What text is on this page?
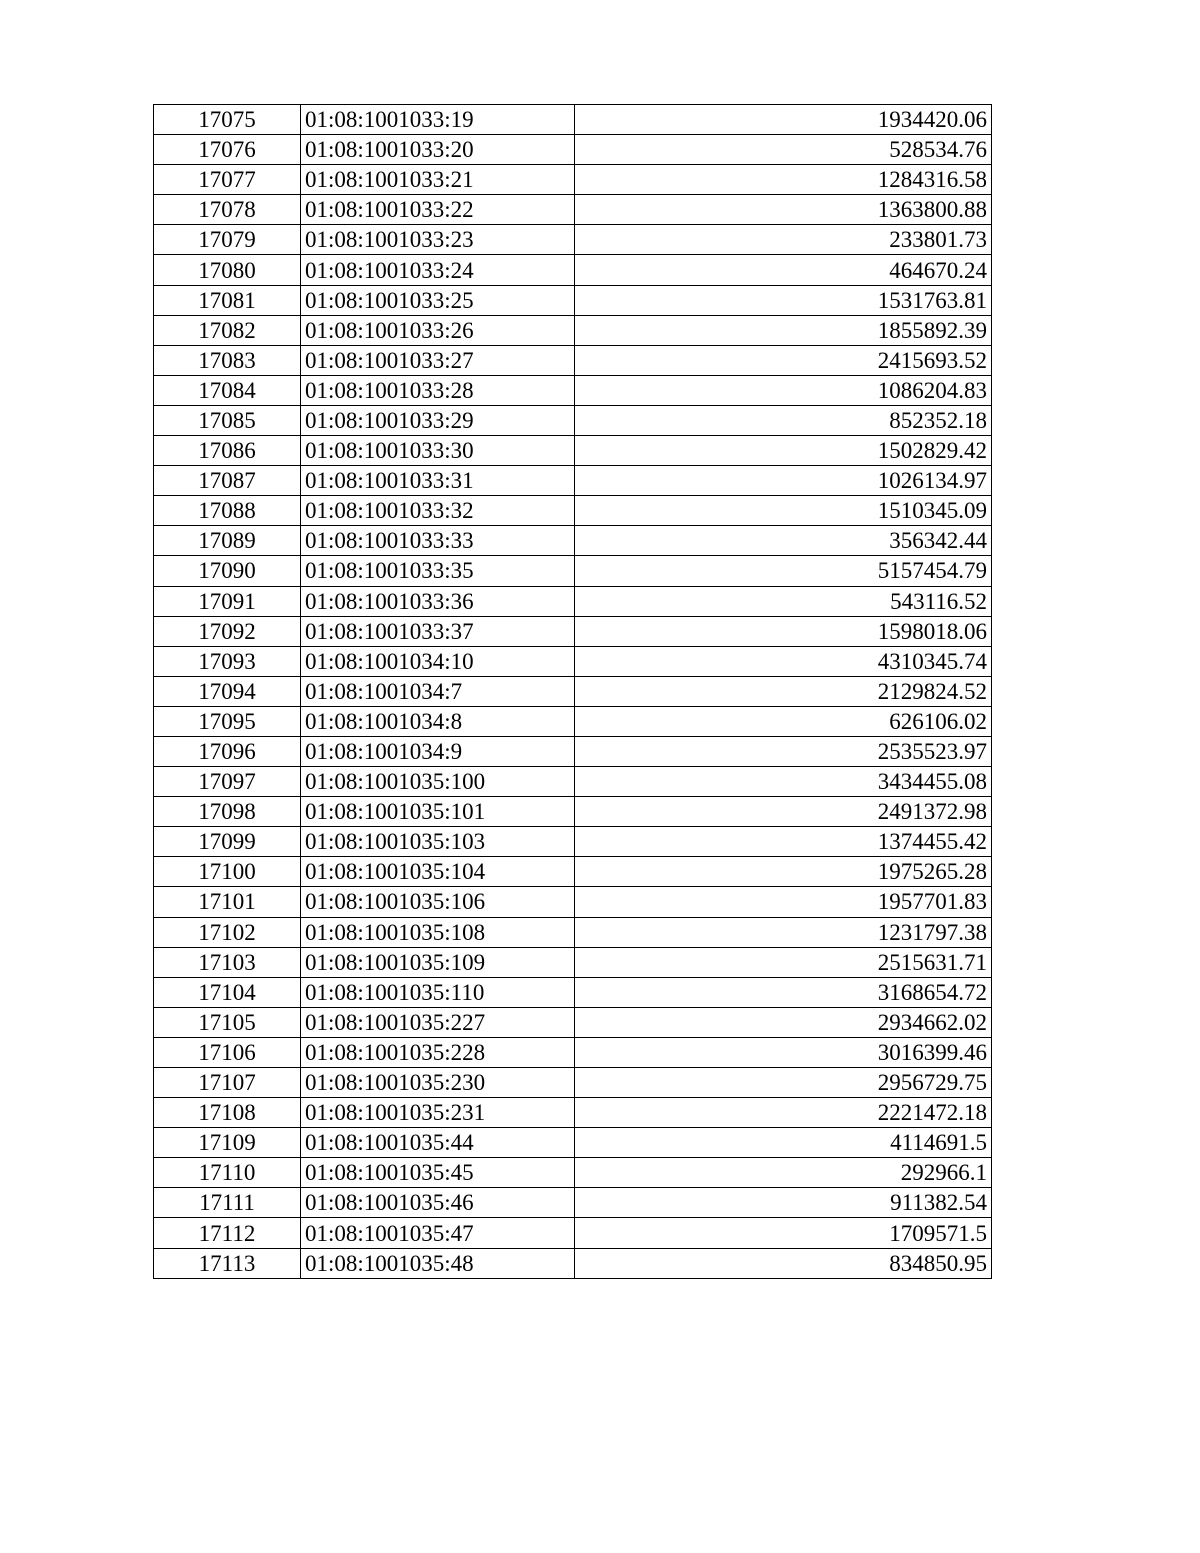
17075	01:08:1001033:19	1934420.06
17076	01:08:1001033:20	528534.76
17077	01:08:1001033:21	1284316.58
17078	01:08:1001033:22	1363800.88
17079	01:08:1001033:23	233801.73
17080	01:08:1001033:24	464670.24
17081	01:08:1001033:25	1531763.81
17082	01:08:1001033:26	1855892.39
17083	01:08:1001033:27	2415693.52
17084	01:08:1001033:28	1086204.83
17085	01:08:1001033:29	852352.18
17086	01:08:1001033:30	1502829.42
17087	01:08:1001033:31	1026134.97
17088	01:08:1001033:32	1510345.09
17089	01:08:1001033:33	356342.44
17090	01:08:1001033:35	5157454.79
17091	01:08:1001033:36	543116.52
17092	01:08:1001033:37	1598018.06
17093	01:08:1001034:10	4310345.74
17094	01:08:1001034:7	2129824.52
17095	01:08:1001034:8	626106.02
17096	01:08:1001034:9	2535523.97
17097	01:08:1001035:100	3434455.08
17098	01:08:1001035:101	2491372.98
17099	01:08:1001035:103	1374455.42
17100	01:08:1001035:104	1975265.28
17101	01:08:1001035:106	1957701.83
17102	01:08:1001035:108	1231797.38
17103	01:08:1001035:109	2515631.71
17104	01:08:1001035:110	3168654.72
17105	01:08:1001035:227	2934662.02
17106	01:08:1001035:228	3016399.46
17107	01:08:1001035:230	2956729.75
17108	01:08:1001035:231	2221472.18
17109	01:08:1001035:44	4114691.5
17110	01:08:1001035:45	292966.1
17111	01:08:1001035:46	911382.54
17112	01:08:1001035:47	1709571.5
17113	01:08:1001035:48	834850.95
